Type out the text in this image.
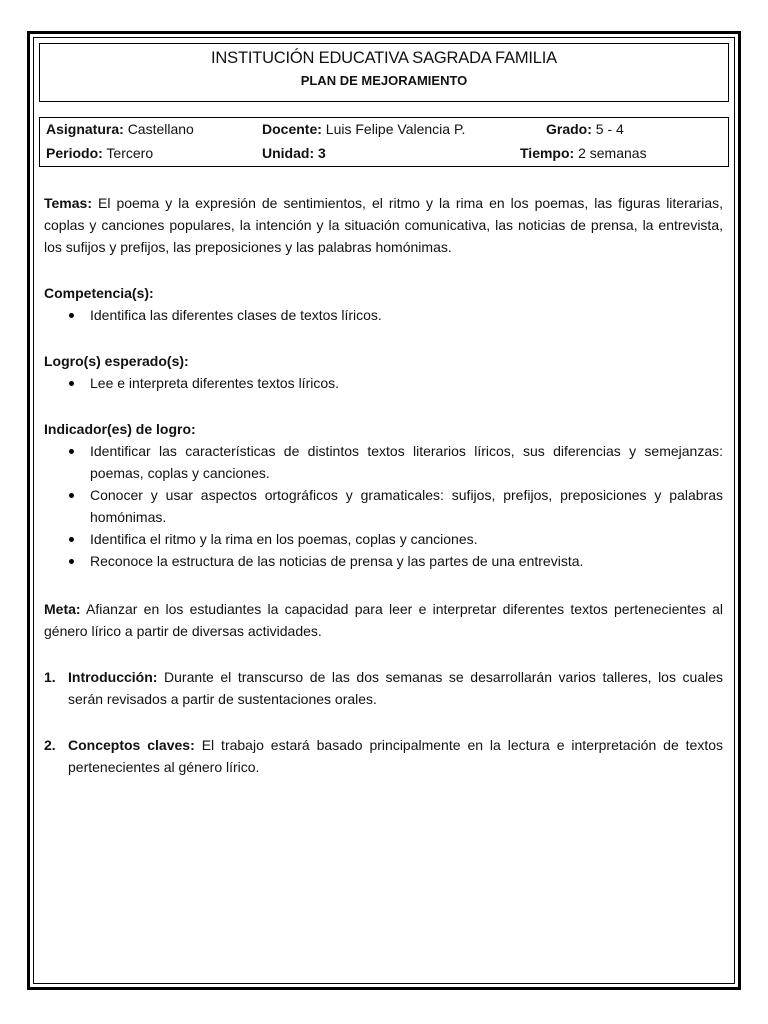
INSTITUCIÓN EDUCATIVA SAGRADA FAMILIA
PLAN DE MEJORAMIENTO
Asignatura: Castellano	Docente: Luis Felipe Valencia P.	Grado: 5 - 4
Periodo: Tercero	Unidad: 3	Tiempo: 2 semanas

Temas: El poema y la expresión de sentimientos, el ritmo y la rima en los poemas, las figuras literarias, coplas y canciones populares, la intención y la situación comunicativa, las noticias de prensa, la entrevista, los sufijos y prefijos, las preposiciones y las palabras homónimas.

Competencia(s):

Identifica las diferentes clases de textos líricos.

Logro(s) esperado(s):

Lee e interpreta diferentes textos líricos.

Indicador(es) de logro:

Identificar las características de distintos textos literarios líricos, sus diferencias y semejanzas: poemas, coplas y canciones.
Conocer y usar aspectos ortográficos y gramaticales: sufijos, prefijos, preposiciones y palabras homónimas.
Identifica el ritmo y la rima en los poemas, coplas y canciones.
Reconoce la estructura de las noticias de prensa y las partes de una entrevista.

Meta: Afianzar en los estudiantes la capacidad para leer e interpretar diferentes textos pertenecientes al género lírico a partir de diversas actividades.

1. Introducción: Durante el transcurso de las dos semanas se desarrollarán varios talleres, los cuales serán revisados a partir de sustentaciones orales.
2. Conceptos claves: El trabajo estará basado principalmente en la lectura e interpretación de textos pertenecientes al género lírico.
